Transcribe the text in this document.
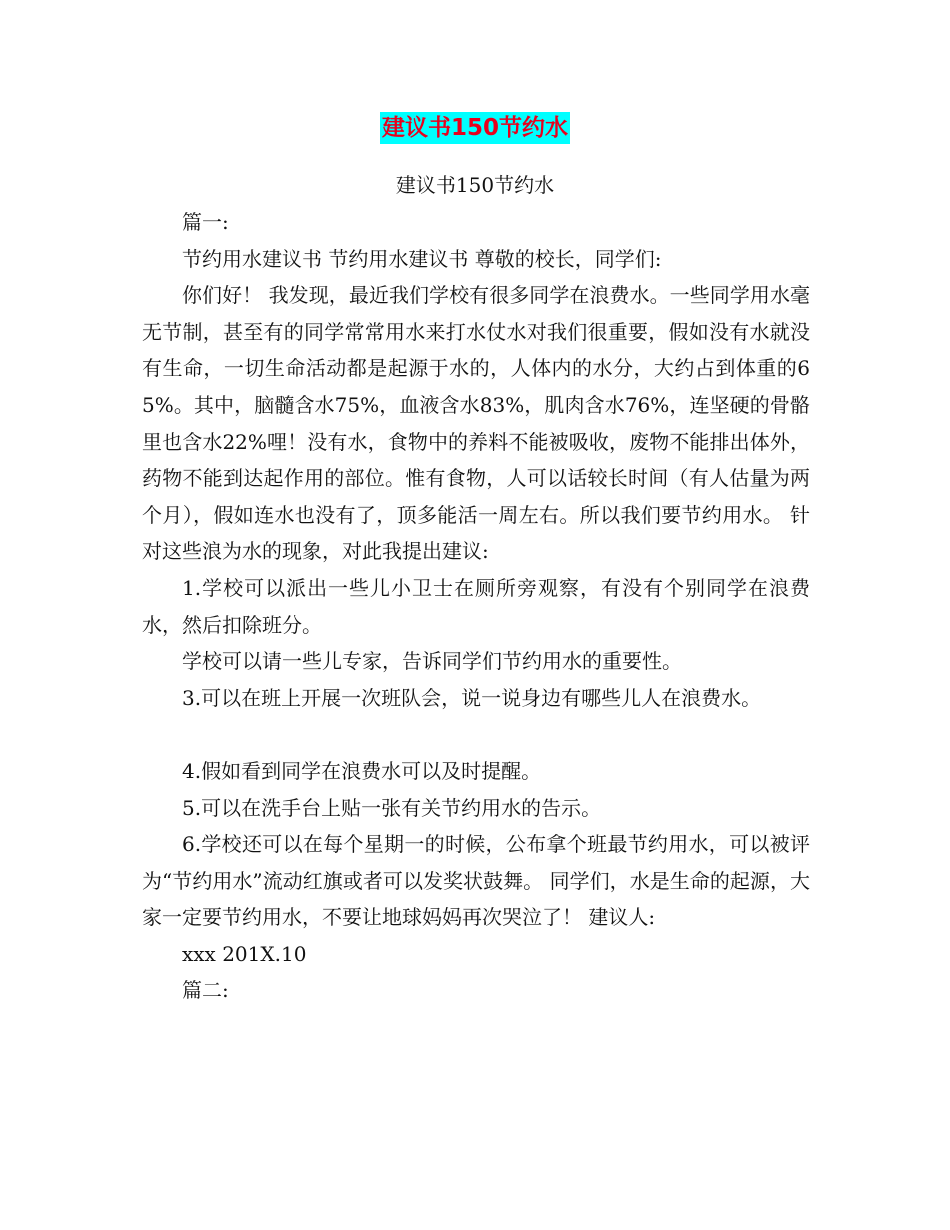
建议书150节约水
建议书150节约水

篇一:

节约用水建议书 节约用水建议书 尊敬的校长，同学们:

你们好！ 我发现，最近我们学校有很多同学在浪费水。一些同学用水毫无节制，甚至有的同学常常用水来打水仗水对我们很重要，假如没有水就没有生命，一切生命活动都是起源于水的，人体内的水分，大约占到体重的65%。其中，脑髓含水75%，血液含水83%，肌肉含水76%，连坚硬的骨骼里也含水22%哩！没有水，食物中的养料不能被吸收，废物不能排出体外，药物不能到达起作用的部位。惟有食物，人可以话较长时间（有人估量为两个月），假如连水也没有了，顶多能活一周左右。所以我们要节约用水。 针对这些浪为水的现象，对此我提出建议:

1.学校可以派出一些儿小卫士在厕所旁观察，有没有个别同学在浪费水，然后扣除班分。

学校可以请一些儿专家，告诉同学们节约用水的重要性。

3.可以在班上开展一次班队会，说一说身边有哪些儿人在浪费水。

4.假如看到同学在浪费水可以及时提醒。

5.可以在洗手台上贴一张有关节约用水的告示。

6.学校还可以在每个星期一的时候，公布拿个班最节约用水，可以被评为“节约用水”流动红旗或者可以发奖状鼓舞。 同学们，水是生命的起源，大家一定要节约用水，不要让地球妈妈再次哭泣了！ 建议人:

xxx 201X.10

篇二:
